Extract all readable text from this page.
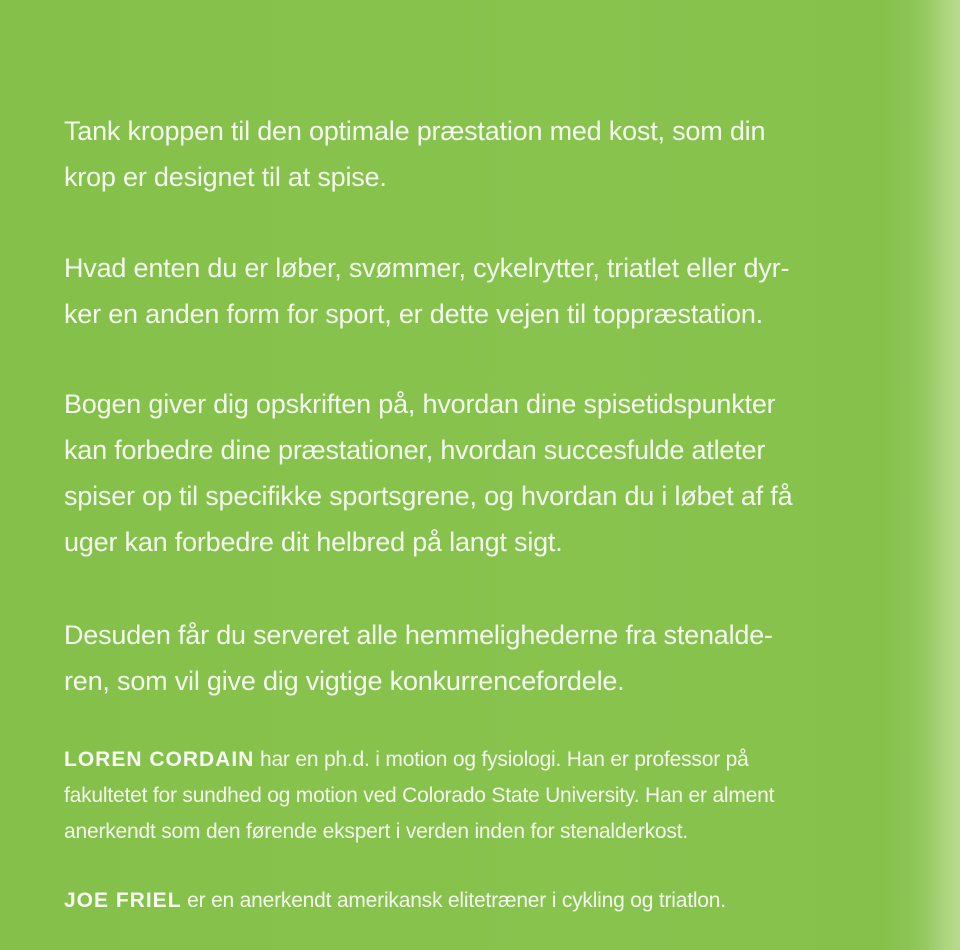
Tank kroppen til den optimale præstation med kost, som din
krop er designet til at spise.

Hvad enten du er løber, svømmer, cykelrytter, triatlet eller dyr-
ker en anden form for sport, er dette vejen til toppræstation.

Bogen giver dig opskriften på, hvordan dine spisetidspunkter
kan forbedre dine præstationer, hvordan succesfulde atleter
spiser op til specifikke sportsgrene, og hvordan du i løbet af få
uger kan forbedre dit helbred på langt sigt.

Desuden får du serveret alle hemmelighederne fra stenalde-
ren, som vil give dig vigtige konkurrencefordele.

LOREN CORDAIN har en ph.d. i motion og fysiologi. Han er professor på
fakultetet for sundhed og motion ved Colorado State University. Han er alment
anerkendt som den førende ekspert i verden inden for stenalderkost.

JOE FRIEL er en anerkendt amerikansk elitetræner i cykling og triatlon.
